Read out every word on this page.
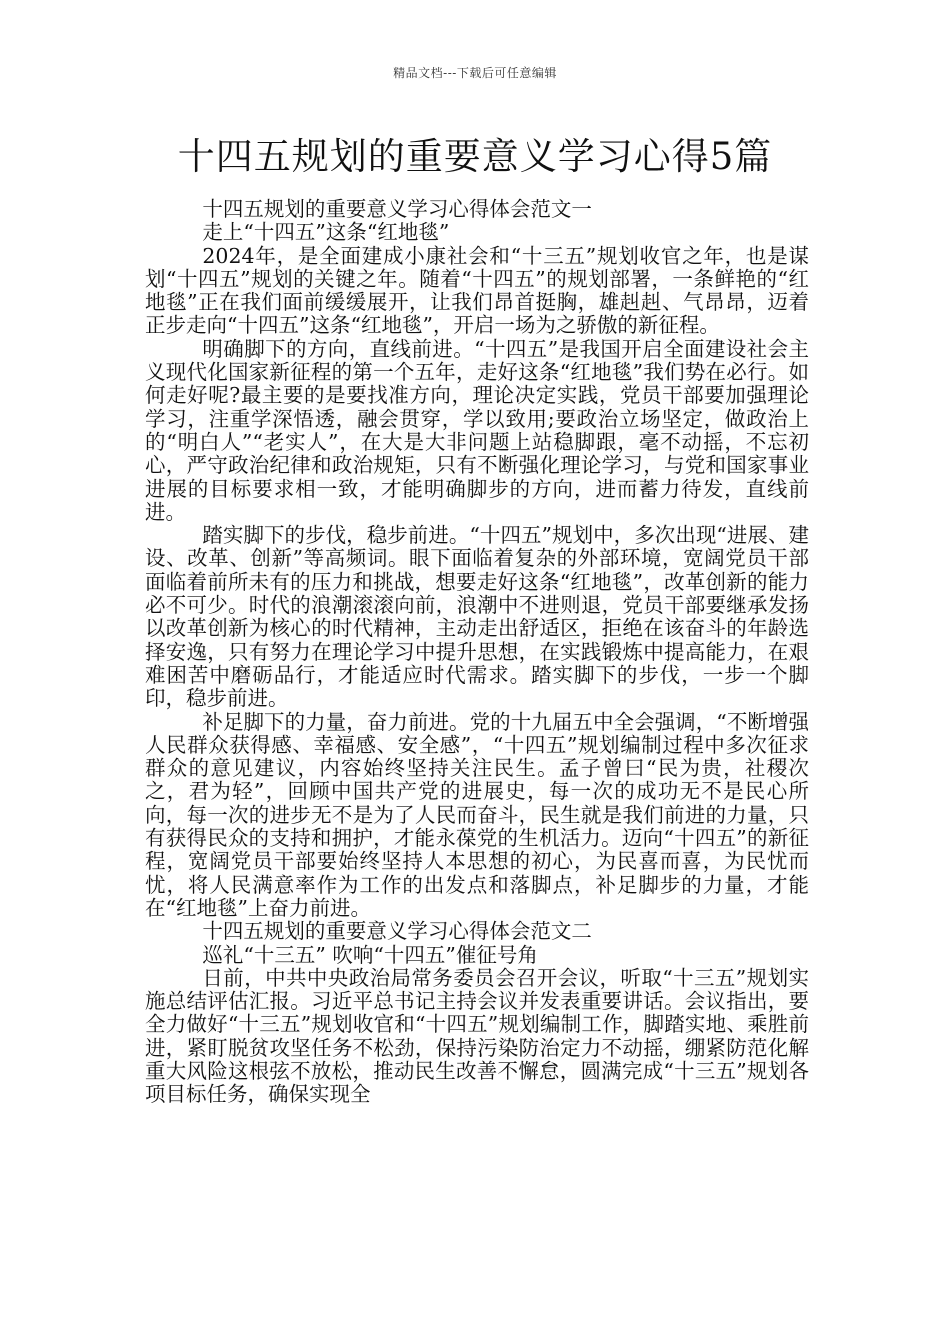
精品文档---下载后可任意编辑
十四五规划的重要意义学习心得5篇

十四五规划的重要意义学习心得体会范文一

走上“十四五”这条“红地毯”

2024年，是全面建成小康社会和“十三五”规划收官之年，也是谋划“十四五”规划的关键之年。随着“十四五”的规划部署，一条鲜艳的“红地毯”正在我们面前缓缓展开，让我们昂首挺胸，雄赳赳、气昂昂，迈着正步走向“十四五”这条“红地毯”，开启一场为之骄傲的新征程。

明确脚下的方向，直线前进。“十四五”是我国开启全面建设社会主义现代化国家新征程的第一个五年，走好这条“红地毯”我们势在必行。如何走好呢?最主要的是要找准方向，理论决定实践，党员干部要加强理论学习，注重学深悟透，融会贯穿，学以致用;要政治立场坚定，做政治上的“明白人”“老实人”，在大是大非问题上站稳脚跟，毫不动摇，不忘初心，严守政治纪律和政治规矩，只有不断强化理论学习，与党和国家事业进展的目标要求相一致，才能明确脚步的方向，进而蓄力待发，直线前进。

踏实脚下的步伐，稳步前进。“十四五”规划中，多次出现“进展、建设、改革、创新”等高频词。眼下面临着复杂的外部环境，宽阔党员干部面临着前所未有的压力和挑战，想要走好这条“红地毯”，改革创新的能力必不可少。时代的浪潮滚滚向前，浪潮中不进则退，党员干部要继承发扬以改革创新为核心的时代精神，主动走出舒适区，拒绝在该奋斗的年龄选择安逸，只有努力在理论学习中提升思想，在实践锻炼中提高能力，在艰难困苦中磨砺品行，才能适应时代需求。踏实脚下的步伐，一步一个脚印，稳步前进。

补足脚下的力量，奋力前进。党的十九届五中全会强调，“不断增强人民群众获得感、幸福感、安全感”，“十四五”规划编制过程中多次征求群众的意见建议，内容始终坚持关注民生。孟子曾曰“民为贵，社稷次之，君为轻”，回顾中国共产党的进展史，每一次的成功无不是民心所向，每一次的进步无不是为了人民而奋斗，民生就是我们前进的力量，只有获得民众的支持和拥护，才能永葆党的生机活力。迈向“十四五”的新征程，宽阔党员干部要始终坚持人本思想的初心，为民喜而喜，为民忧而忧，将人民满意率作为工作的出发点和落脚点，补足脚步的力量，才能在“红地毯”上奋力前进。

十四五规划的重要意义学习心得体会范文二

巡礼“十三五” 吹响“十四五”催征号角

日前，中共中央政治局常务委员会召开会议，听取“十三五”规划实施总结评估汇报。习近平总书记主持会议并发表重要讲话。会议指出，要全力做好“十三五”规划收官和“十四五”规划编制工作，脚踏实地、乘胜前进，紧盯脱贫攻坚任务不松劲，保持污染防治定力不动摇，绷紧防范化解重大风险这根弦不放松，推动民生改善不懈怠，圆满完成“十三五”规划各项目标任务，确保实现全
